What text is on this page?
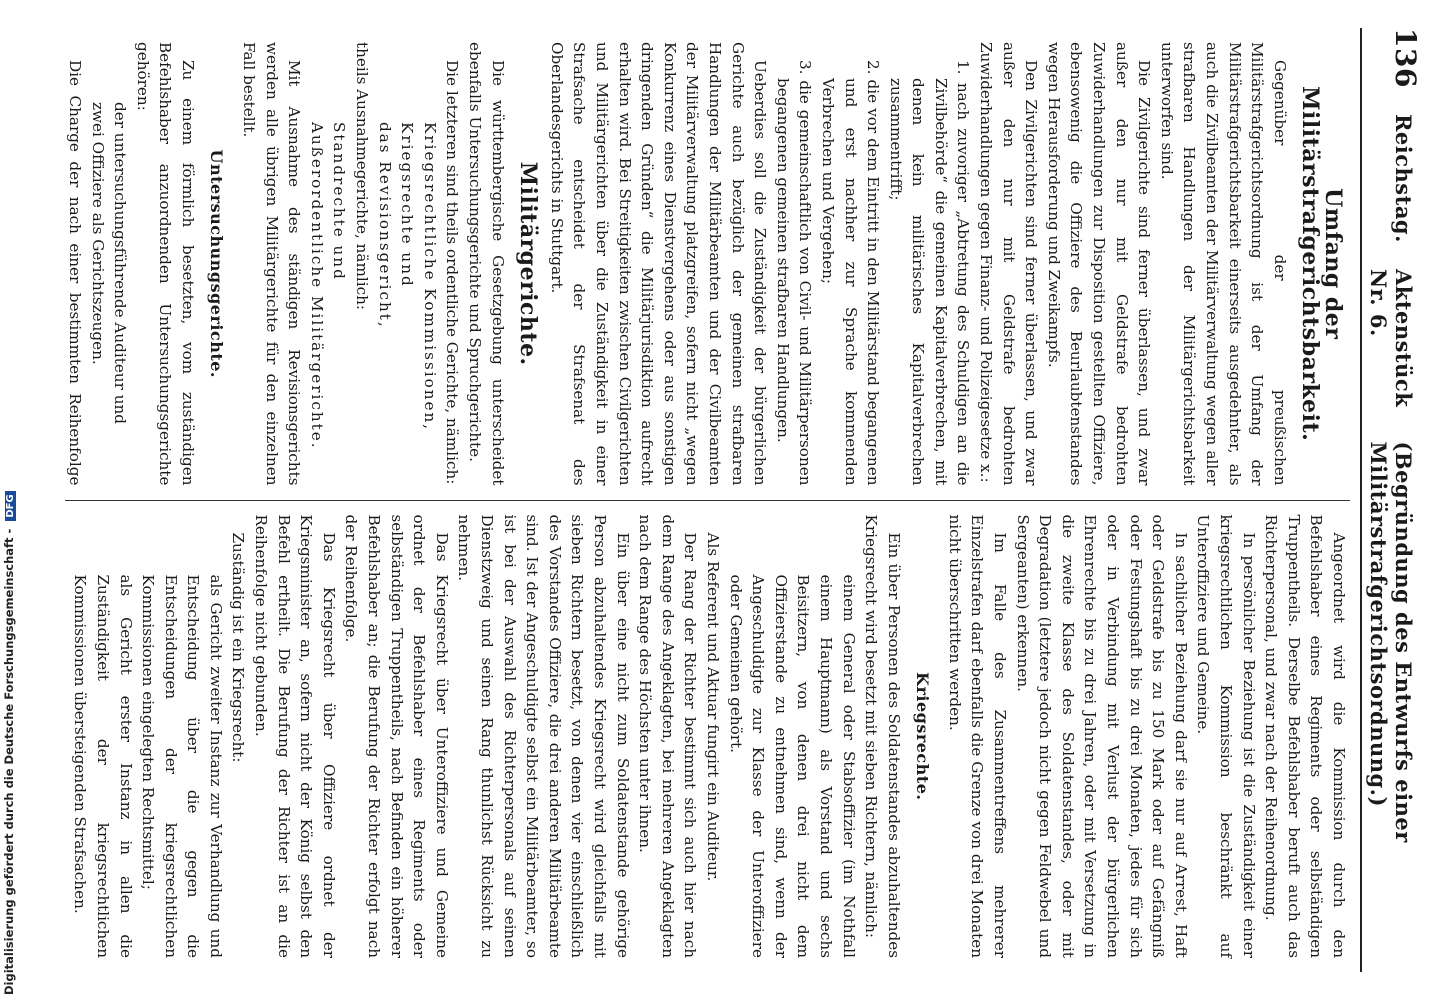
136
Reichstag.
Aktenstück Nr. 6.
(Begründung des Entwurfs einer Militärstrafgerichtsordnung.)
Umfang der Militärstrafgerichtsbarkeit.

Gegenüber der preußischen Militärstrafgerichtsordnung ist der Umfang der Militärstrafgerichtsbarkeit einerseits ausgedehnter, als auch die Zivilbeamten der Militärverwaltung wegen aller strafbaren Handlungen der Militärgerichtsbarkeit unterworfen sind.

Die Zivilgerichte sind ferner überlassen, und zwar außer den nur mit Geldstrafe bedrohten Zuwiderhandlungen zur Disposition gestellten Offiziere, ebensowenig die Offiziere des Beurlaubtenstandes wegen Herausforderung und Zweikampfs.

Den Zivilgerichten sind ferner überlassen, und zwar außer den nur mit Geldstrafe bedrohten Zuwiderhandlungen gegen Finanz- und Polizeigesetze x.:

1. nach zuvoriger „Abtretung des Schuldigen an die Zivilbehörde“ die gemeinen Kapitalverbrechen, mit denen kein militärisches Kapitalverbrechen zusammentrifft;

2. die vor dem Eintritt in den Militärstand begangenen und erst nachher zur Sprache kommenden Verbrechen und Vergehen;

3. die gemeinschaftlich von Civil- und Militärpersonen begangenen gemeinen strafbaren Handlungen.

Ueberdies soll die Zuständigkeit der bürgerlichen Gerichte auch bezüglich der gemeinen strafbaren Handlungen der Militärbeamten und der Civilbeamten der Militärverwaltung platzgreifen, sofern nicht „wegen Konkurrenz eines Dienstvergehens oder aus sonstigen dringenden Gründen“ die Militärjurisdiktion aufrecht erhalten wird. Bei Streitigkeiten zwischen Civilgerichten und Militärgerichten über die Zuständigkeit in einer Strafsache entscheidet der Strafsenat des Oberlandesgerichts in Stuttgart.

Militärgerichte.

Die württembergische Gesetzgebung unterscheidet ebenfalls Untersuchungsgerichte und Spruchgerichte.

Die letzteren sind theils ordentliche Gerichte, nämlich:

Kriegsrechtliche Kommissionen,

Kriegsrechte und

das Revisionsgericht,

theils Ausnahmegerichte, nämlich:

Standrechte und

Außerordentliche Militärgerichte.

Mit Ausnahme des ständigen Revisionsgerichts werden alle übrigen Militärgerichte für den einzelnen Fall bestellt.

Untersuchungsgerichte.

Zu einem förmlich besetzten, vom zuständigen Befehlshaber anzuordnenden Untersuchungsgerichte gehören:

der untersuchungsführende Auditeur und

zwei Offiziere als Gerichtszeugen.

Die Charge der nach einer bestimmten Reihenfolge

Angeordnet wird die Kommission durch den Befehlshaber eines Regiments oder selbständigen Truppentheils. Derselbe Befehlshaber beruft auch das Richterpersonal, und zwar nach der Reihenordnung.

In persönlicher Beziehung ist die Zuständigkeit einer kriegsrechtlichen Kommission beschränkt auf Unteroffiziere und Gemeine.

In sachlicher Beziehung darf sie nur auf Arrest, Haft oder Geldstrafe bis zu 150 Mark oder auf Gefängniß oder Festungshaft bis zu drei Monaten, jedes für sich oder in Verbindung mit Verlust der bürgerlichen Ehrenrechte bis zu drei Jahren, oder mit Versetzung in die zweite Klasse des Soldatenstandes, oder mit Degradation (letztere jedoch nicht gegen Feldwebel und Sergeanten) erkennen.

Im Falle des Zusammentreffens mehrerer Einzelstrafen darf ebenfalls die Grenze von drei Monaten nicht überschritten werden.

Kriegsrechte.

Ein über Personen des Soldatenstandes abzuhaltendes Kriegsrecht wird besetzt mit sieben Richtern, nämlich:

einem General oder Stabsoffizier (im Nothfall einem Hauptmann) als Vorstand und sechs Beisitzern, von denen drei nicht dem Offizierstande zu entnehmen sind, wenn der Angeschuldigte zur Klasse der Unteroffiziere oder Gemeinen gehört.

Als Referent und Aktuar fungirt ein Auditeur.

Der Rang der Richter bestimmt sich auch hier nach dem Range des Angeklagten, bei mehreren Angeklagten nach dem Range des Höchsten unter ihnen.

Ein über eine nicht zum Soldatenstande gehörige Person abzuhaltendes Kriegsrecht wird gleichfalls mit sieben Richtern besetzt, von denen vier einschließlich des Vorstandes Offiziere, die drei anderen Militärbeamte sind. Ist der Angeschuldigte selbst ein Militärbeamter, so ist bei der Auswahl des Richterpersonals auf seinen Dienstzweig und seinen Rang thunlichst Rücksicht zu nehmen.

Das Kriegsrecht über Unteroffiziere und Gemeine ordnet der Befehlshaber eines Regiments oder selbständigen Truppentheils, nach Befinden ein höherer Befehlshaber an; die Berufung der Richter erfolgt nach der Reihenfolge.

Das Kriegsrecht über Offiziere ordnet der Kriegsminister an, sofern nicht der König selbst den Befehl ertheilt. Die Berufung der Richter ist an die Reihenfolge nicht gebunden.

Zuständig ist ein Kriegsrecht:

als Gericht zweiter Instanz zur Verhandlung und Entscheidung über die gegen die Entscheidungen der kriegsrechtlichen Kommissionen eingelegten Rechtsmittel;

als Gericht erster Instanz in allen die Zuständigkeit der kriegsrechtlichen Kommissionen übersteigenden Strafsachen.

Digitalisierung gefördert durch die Deutsche Forschungsgemeinschaft - DFG
